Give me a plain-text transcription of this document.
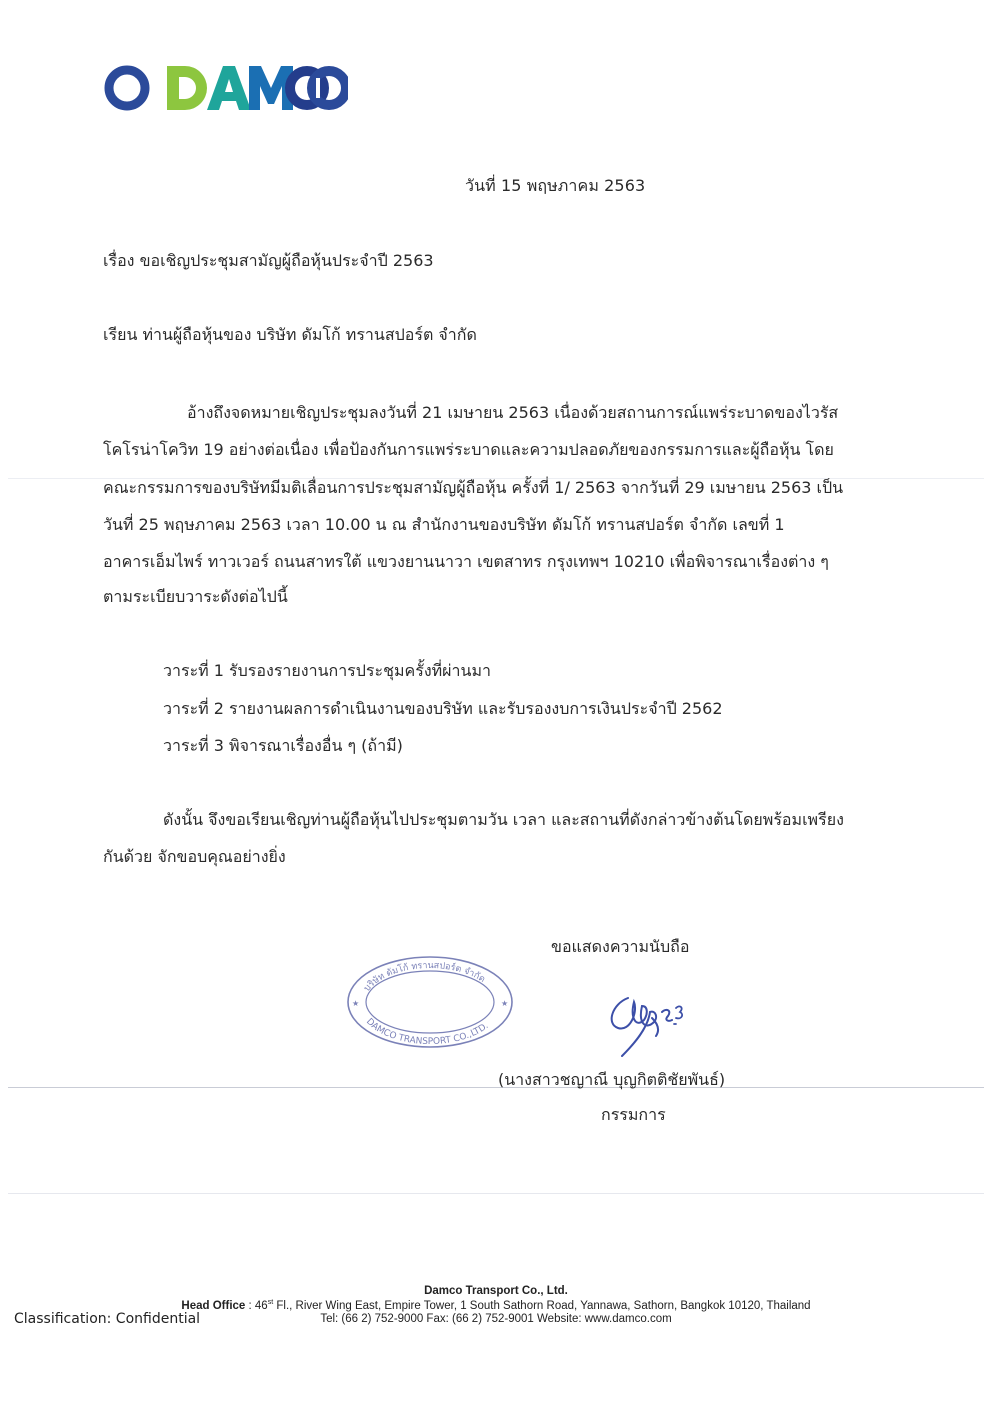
วันที่ 15 พฤษภาคม 2563
เรื่อง ขอเชิญประชุมสามัญผู้ถือหุ้นประจำปี 2563
เรียน ท่านผู้ถือหุ้นของ บริษัท ดัมโก้ ทรานสปอร์ต จำกัด
อ้างถึงจดหมายเชิญประชุมลงวันที่ 21 เมษายน 2563 เนื่องด้วยสถานการณ์แพร่ระบาดของไวรัส
โคโรน่าโควิท 19 อย่างต่อเนื่อง เพื่อป้องกันการแพร่ระบาดและความปลอดภัยของกรรมการและผู้ถือหุ้น โดย
คณะกรรมการของบริษัทมีมติเลื่อนการประชุมสามัญผู้ถือหุ้น ครั้งที่ 1/ 2563 จากวันที่ 29 เมษายน 2563 เป็น
วันที่ 25 พฤษภาคม 2563 เวลา 10.00 น ณ สำนักงานของบริษัท ดัมโก้ ทรานสปอร์ต จำกัด เลขที่ 1
อาคารเอ็มไพร์ ทาวเวอร์ ถนนสาทรใต้ แขวงยานนาวา เขตสาทร กรุงเทพฯ 10210 เพื่อพิจารณาเรื่องต่าง ๆ
ตามระเบียบวาระดังต่อไปนี้
วาระที่ 1 รับรองรายงานการประชุมครั้งที่ผ่านมา
วาระที่ 2 รายงานผลการดำเนินงานของบริษัท และรับรองงบการเงินประจำปี 2562
วาระที่ 3 พิจารณาเรื่องอื่น ๆ (ถ้ามี)
ดังนั้น จึงขอเรียนเชิญท่านผู้ถือหุ้นไปประชุมตามวัน เวลา และสถานที่ดังกล่าวข้างต้นโดยพร้อมเพรียง
กันด้วย จักขอบคุณอย่างยิ่ง
ขอแสดงความนับถือ
บริษัท ดัมโก้ ทรานสปอร์ต จำกัด
DAMCO TRANSPORT CO.,LTD.
★	★
(นางสาวชญาณี บุญกิตติชัยพันธ์)
กรรมการ
Damco Transport Co., Ltd.
Head Office : 46st Fl., River Wing East, Empire Tower, 1 South Sathorn Road, Yannawa, Sathorn, Bangkok 10120, Thailand
Tel: (66 2) 752-9000 Fax: (66 2) 752-9001 Website: www.damco.com
Classification: Confidential
